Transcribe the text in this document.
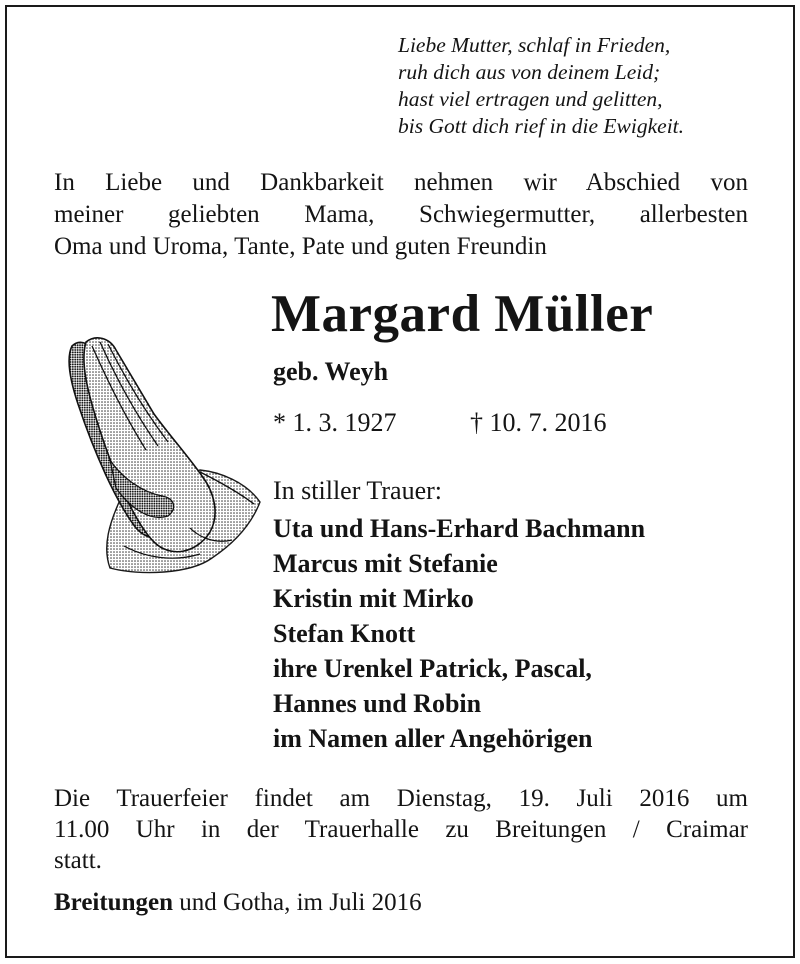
Liebe Mutter, schlaf in Frieden,
ruh dich aus von deinem Leid;
hast viel ertragen und gelitten,
bis Gott dich rief in die Ewigkeit.
In Liebe und Dankbarkeit nehmen wir Abschied von
meiner geliebten Mama, Schwiegermutter, allerbesten
Oma und Uroma, Tante, Pate und guten Freundin
Margard Müller
geb. Weyh
* 1. 3. 1927	† 10. 7. 2016
In stiller Trauer:
Uta und Hans-Erhard Bachmann
Marcus mit Stefanie
Kristin mit Mirko
Stefan Knott
ihre Urenkel Patrick, Pascal,
Hannes und Robin
im Namen aller Angehörigen
Die Trauerfeier findet am Dienstag, 19. Juli 2016 um
11.00 Uhr in der Trauerhalle zu Breitungen / Craimar
statt.
Breitungen und Gotha, im Juli 2016
